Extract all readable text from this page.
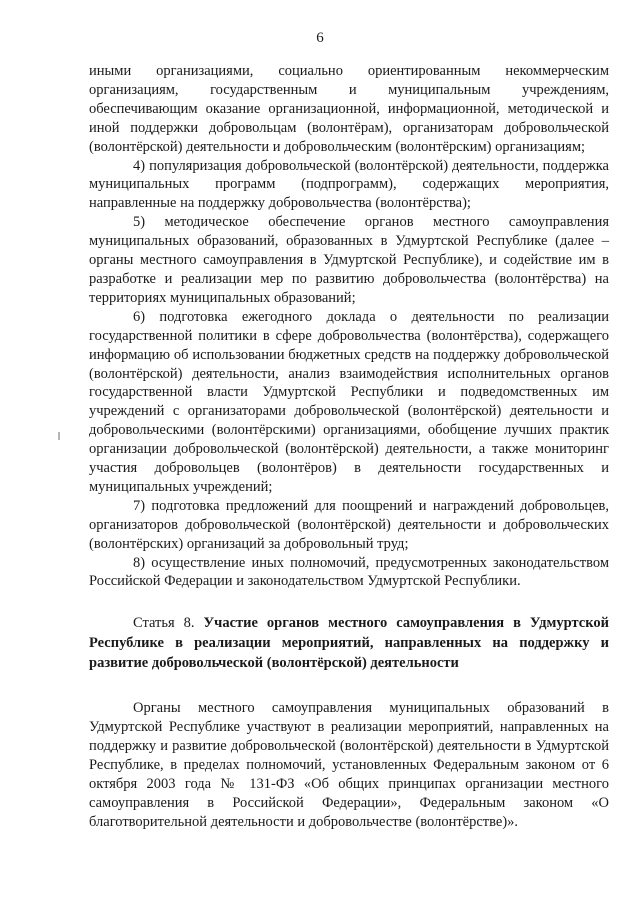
6

иными организациями, социально ориентированным некоммерческим организациям, государственным и муниципальным учреждениям, обеспечивающим оказание организационной, информационной, методической и иной поддержки добровольцам (волонтёрам), организаторам добровольческой (волонтёрской) деятельности и добровольческим (волонтёрским) организациям;

4) популяризация добровольческой (волонтёрской) деятельности, поддержка муниципальных программ (подпрограмм), содержащих мероприятия, направленные на поддержку добровольчества (волонтёрства);

5) методическое обеспечение органов местного самоуправления муниципальных образований, образованных в Удмуртской Республике (далее – органы местного самоуправления в Удмуртской Республике), и содействие им в разработке и реализации мер по развитию добровольчества (волонтёрства) на территориях муниципальных образований;

6) подготовка ежегодного доклада о деятельности по реализации государственной политики в сфере добровольчества (волонтёрства), содержащего информацию об использовании бюджетных средств на поддержку добровольческой (волонтёрской) деятельности, анализ взаимодействия исполнительных органов государственной власти Удмуртской Республики и подведомственных им учреждений с организаторами добровольческой (волонтёрской) деятельности и добровольческими (волонтёрскими) организациями, обобщение лучших практик организации добровольческой (волонтёрской) деятельности, а также мониторинг участия добровольцев (волонтёров) в деятельности государственных и муниципальных учреждений;

7) подготовка предложений для поощрений и награждений добровольцев, организаторов добровольческой (волонтёрской) деятельности и добровольческих (волонтёрских) организаций за добровольный труд;

8) осуществление иных полномочий, предусмотренных законодательством Российской Федерации и законодательством Удмуртской Республики.

Статья 8. Участие органов местного самоуправления в Удмуртской Республике в реализации мероприятий, направленных на поддержку и развитие добровольческой (волонтёрской) деятельности

Органы местного самоуправления муниципальных образований в Удмуртской Республике участвуют в реализации мероприятий, направленных на поддержку и развитие добровольческой (волонтёрской) деятельности в Удмуртской Республике, в пределах полномочий, установленных Федеральным законом от 6 октября 2003 года № 131-ФЗ «Об общих принципах организации местного самоуправления в Российской Федерации», Федеральным законом «О благотворительной деятельности и добровольчестве (волонтёрстве)».
